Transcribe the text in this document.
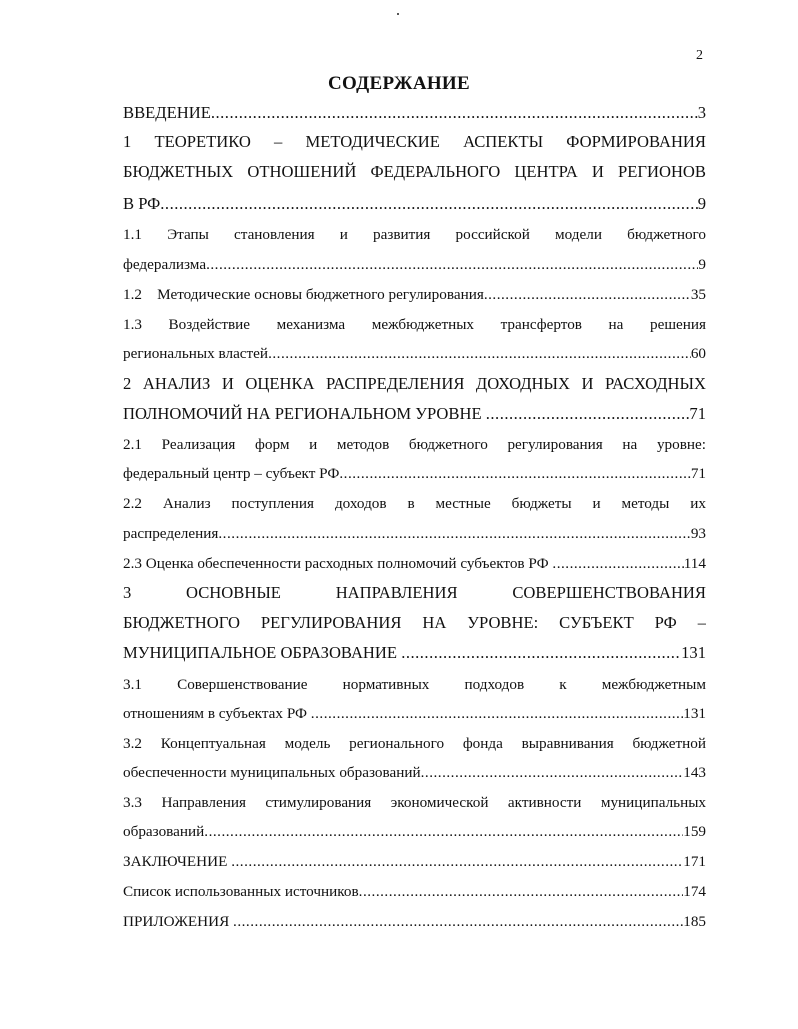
2
СОДЕРЖАНИЕ
ВВЕДЕНИЕ .....	3
1 ТЕОРЕТИКО – МЕТОДИЧЕСКИЕ АСПЕКТЫ ФОРМИРОВАНИЯ
БЮДЖЕТНЫХ ОТНОШЕНИЙ ФЕДЕРАЛЬНОГО ЦЕНТРА И РЕГИОНОВ
В РФ .....	9
1.1 Этапы становления и развития российской модели бюджетного
федерализма .....	9
1.2    Методические основы бюджетного регулирования .....	35
1.3 Воздействие механизма межбюджетных трансфертов на решения
региональных властей .....	60
2 АНАЛИЗ И ОЦЕНКА РАСПРЕДЕЛЕНИЯ ДОХОДНЫХ И РАСХОДНЫХ
ПОЛНОМОЧИЙ НА РЕГИОНАЛЬНОМ УРОВНЕ .....	71
2.1 Реализация форм и методов бюджетного регулирования на уровне:
федеральный центр – субъект РФ .....	71
2.2 Анализ поступления доходов в местные бюджеты и методы их
распределения .....	93
2.3 Оценка обеспеченности расходных полномочий субъектов РФ .....	114
3 ОСНОВНЫЕ НАПРАВЛЕНИЯ СОВЕРШЕНСТВОВАНИЯ
БЮДЖЕТНОГО РЕГУЛИРОВАНИЯ НА УРОВНЕ: СУБЪЕКТ РФ –
МУНИЦИПАЛЬНОЕ ОБРАЗОВАНИЕ .....	131
3.1 Совершенствование нормативных подходов к межбюджетным
отношениям в субъектах РФ .....	131
3.2 Концептуальная модель регионального фонда выравнивания бюджетной
обеспеченности муниципальных образований .....	143
3.3 Направления стимулирования экономической активности муниципальных
образований .....	159
ЗАКЛЮЧЕНИЕ .....	171
Список использованных источников .....	174
ПРИЛОЖЕНИЯ .....	185
